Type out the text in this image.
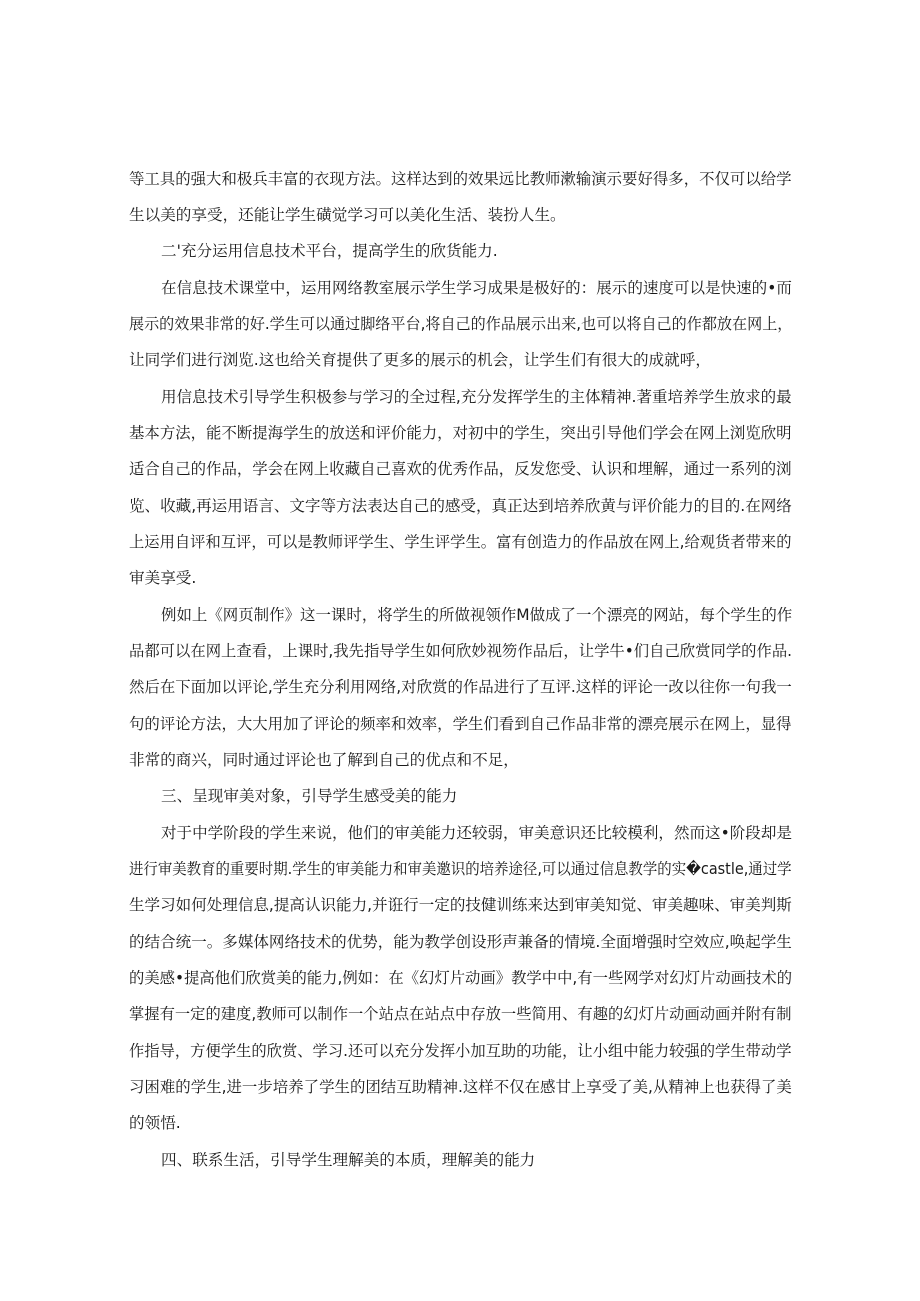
等工具的强大和极兵丰富的衣现方法。这样达到的效果远比教师漱输演示要好得多，不仅可以给学
生以美的享受，还能让学生磺觉学习可以美化生活、装扮人生。
二'充分运用信息技术平台，提高学生的欣货能力.
在信息技术课堂中，运用网络教室展示学生学习成果是极好的：展示的速度可以是快速的•而
展示的效果非常的好.学生可以通过脚络平台,将自己的作品展示出来,也可以将自己的作都放在网上，
让同学们进行浏览.这也给关育提供了更多的展示的机会，让学生们有很大的成就呼，
用信息技术引导学生积极参与学习的全过程,充分发挥学生的主体精神.著重培养学生放求的最
基本方法，能不断提海学生的放送和评价能力，对初中的学生，突出引导他们学会在网上浏览欣明
适合自己的作品，学会在网上收藏自己喜欢的优秀作品，反发您受、认识和埋解，通过一系列的浏
览、收藏,再运用语言、文字等方法表达自己的感受，真正达到培养欣黄与评价能力的目的.在网络
上运用自评和互评，可以是教师评学生、学生评学生。富有创造力的作品放在网上,给观货者带来的
审美享受.
例如上《网页制作》这一课时，将学生的所做视领作M做成了一个漂亮的网站，每个学生的作
品都可以在网上查看，上课时,我先指导学生如何欣妙视笏作品后，让学牛•们自己欣赏同学的作品.
然后在下面加以评论,学生充分利用网络,对欣赏的作品进行了互评.这样的评论一改以往你一句我一
句的评论方法，大大用加了评论的频率和效率，学生们看到自己作品非常的漂亮展示在网上，显得
非常的商兴，同时通过评论也了解到自己的优点和不足，
三、呈现审美对象，引导学生感受美的能力
对于中学阶段的学生来说，他们的审美能力还较弱，审美意识还比较模利，然而这•阶段却是
进行审美教育的重要时期.学生的审美能力和审美邀识的培养途径,可以通过信息教学的实�castle,通过学
生学习如何处理信息,提高认识能力,并诳行一定的技健训练来达到审美知觉、审美趣味、审美判斯
的结合统一。多媒体网络技术的优势，能为教学创设形声兼备的情境.全面增强时空效应,唤起学生
的美感•提高他们欣赏美的能力,例如：在《幻灯片动画》教学中中,有一些网学对幻灯片动画技术的
掌握有一定的建度,教师可以制作一个站点在站点中存放一些简用、有趣的幻灯片动画动画并附有制
作指导，方便学生的欣赏、学习.还可以充分发挥小加互助的功能，让小组中能力较强的学生带动学
习困难的学生,进一步培养了学生的团结互助精神.这样不仅在感甘上享受了美,从精神上也获得了美
的领悟.
四、联系生活，引导学生理解美的本质，理解美的能力
